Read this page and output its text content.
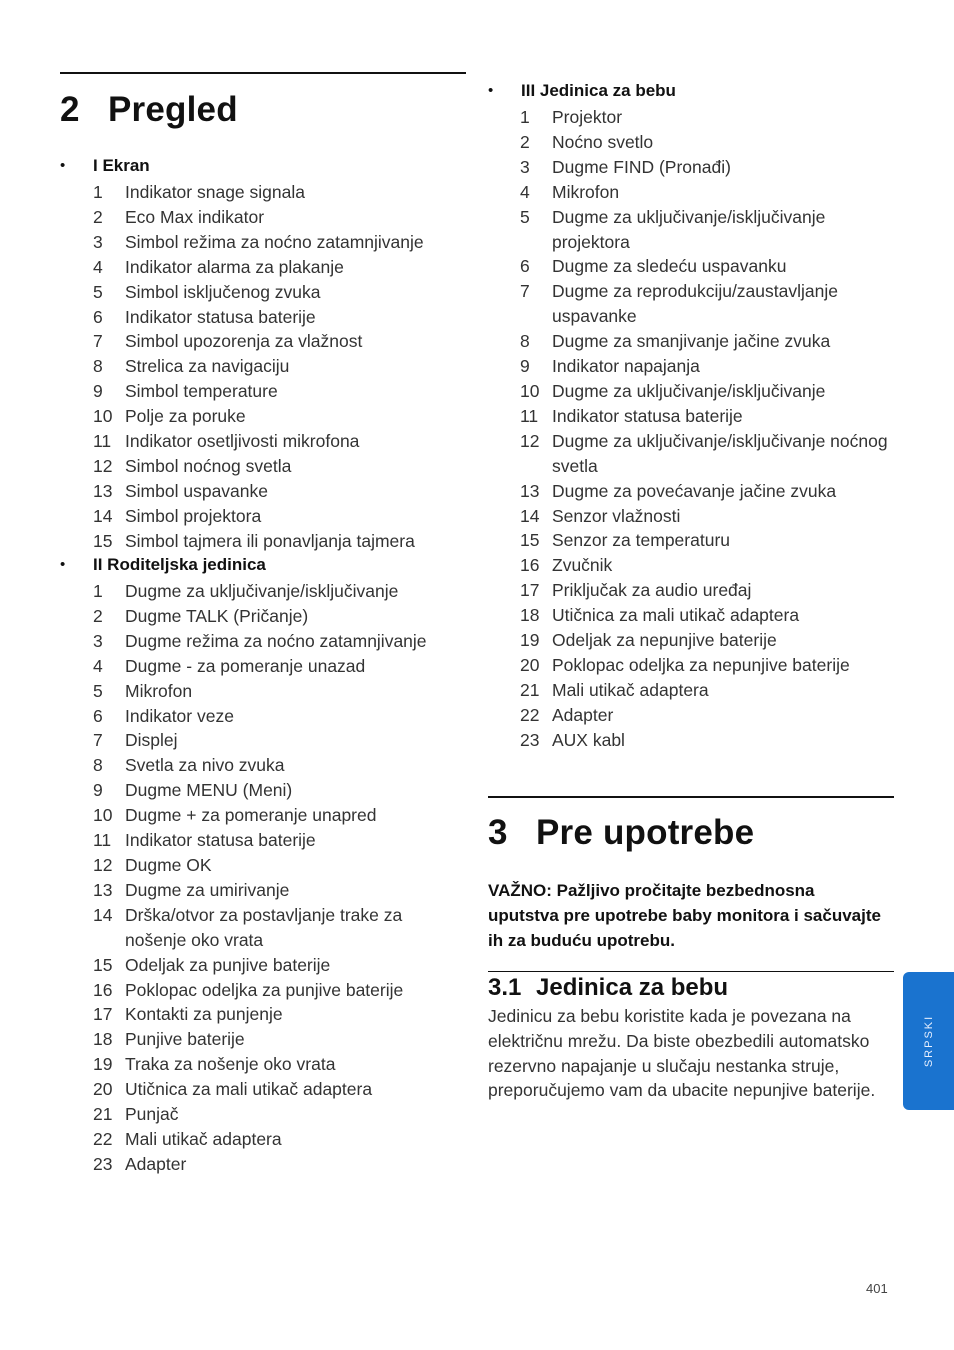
2 Pregled
• I Ekran
1 Indikator snage signala
2 Eco Max indikator
3 Simbol režima za noćno zatamnjivanje
4 Indikator alarma za plakanje
5 Simbol isključenog zvuka
6 Indikator statusa baterije
7 Simbol upozorenja za vlažnost
8 Strelica za navigaciju
9 Simbol temperature
10 Polje za poruke
11 Indikator osetljivosti mikrofona
12 Simbol noćnog svetla
13 Simbol uspavanke
14 Simbol projektora
15 Simbol tajmera ili ponavljanja tajmera
• II Roditeljska jedinica
1 Dugme za uključivanje/isključivanje
2 Dugme TALK (Pričanje)
3 Dugme režima za noćno zatamnjivanje
4 Dugme - za pomeranje unazad
5 Mikrofon
6 Indikator veze
7 Displej
8 Svetla za nivo zvuka
9 Dugme MENU (Meni)
10 Dugme + za pomeranje unapred
11 Indikator statusa baterije
12 Dugme OK
13 Dugme za umirivanje
14 Drška/otvor za postavljanje trake za nošenje oko vrata
15 Odeljak za punjive baterije
16 Poklopac odeljka za punjive baterije
17 Kontakti za punjenje
18 Punjive baterije
19 Traka za nošenje oko vrata
20 Utičnica za mali utikač adaptera
21 Punjač
22 Mali utikač adaptera
23 Adapter
• III Jedinica za bebu
1 Projektor
2 Noćno svetlo
3 Dugme FIND (Pronađi)
4 Mikrofon
5 Dugme za uključivanje/isključivanje projektora
6 Dugme za sledeću uspavanku
7 Dugme za reprodukciju/zaustavljanje uspavanke
8 Dugme za smanjivanje jačine zvuka
9 Indikator napajanja
10 Dugme za uključivanje/isključivanje
11 Indikator statusa baterije
12 Dugme za uključivanje/isključivanje noćnog svetla
13 Dugme za povećavanje jačine zvuka
14 Senzor vlažnosti
15 Senzor za temperaturu
16 Zvučnik
17 Priključak za audio uređaj
18 Utičnica za mali utikač adaptera
19 Odeljak za nepunjive baterije
20 Poklopac odeljka za nepunjive baterije
21 Mali utikač adaptera
22 Adapter
23 AUX kabl
3 Pre upotrebe
VAŽNO: Pažljivo pročitajte bezbednosna uputstva pre upotrebe baby monitora i sačuvajte ih za buduću upotrebu.
3.1 Jedinica za bebu
Jedinicu za bebu koristite kada je povezana na električnu mrežu. Da biste obezbedili automatsko rezervno napajanje u slučaju nestanka struje, preporučujemo vam da ubacite nepunjive baterije.
SRPSKI
401
